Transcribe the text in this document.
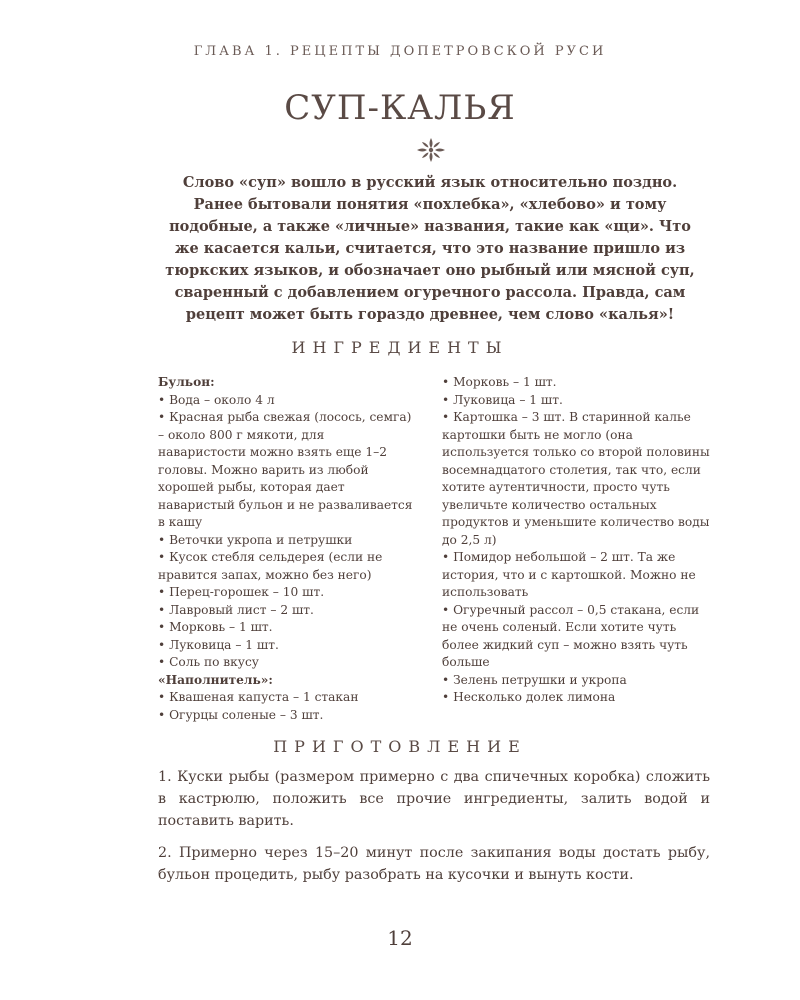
ГЛАВА 1. РЕЦЕПТЫ ДОПЕТРОВСКОЙ РУСИ
СУП-КАЛЬЯ
Слово «суп» вошло в русский язык относительно поздно. Ранее бытовали понятия «похлебка», «хлебово» и тому подобные, а также «личные» названия, такие как «щи». Что же касается кальи, считается, что это название пришло из тюркских языков, и обозначает оно рыбный или мясной суп, сваренный с добавлением огуречного рассола. Правда, сам рецепт может быть гораздо древнее, чем слово «калья»!
ИНГРЕДИЕНТЫ

Бульон:

• Вода – около 4 л

• Красная рыба свежая (лосось, семга) – около 800 г мякоти, для наваристости можно взять еще 1–2 головы. Можно варить из любой хорошей рыбы, которая дает наваристый бульон и не разваливается в кашу

• Веточки укропа и петрушки

• Кусок стебля сельдерея (если не нравится запах, можно без него)

• Перец-горошек – 10 шт.

• Лавровый лист – 2 шт.

• Морковь – 1 шт.

• Луковица – 1 шт.

• Соль по вкусу

«Наполнитель»:

• Квашеная капуста – 1 стакан

• Огурцы соленые – 3 шт.

• Морковь – 1 шт.

• Луковица – 1 шт.

• Картошка – 3 шт. В старинной калье картошки быть не могло (она используется только со второй половины восемнадцатого столетия, так что, если хотите аутентичности, просто чуть увеличьте количество остальных продуктов и уменьшите количество воды до 2,5 л)

• Помидор небольшой – 2 шт. Та же история, что и с картошкой. Можно не использовать

• Огуречный рассол – 0,5 стакана, если не очень соленый. Если хотите чуть более жидкий суп – можно взять чуть больше

• Зелень петрушки и укропа

• Несколько долек лимона

ПРИГОТОВЛЕНИЕ

1. Куски рыбы (размером примерно с два спичечных коробка) сложить в кастрюлю, положить все прочие ингредиенты, залить водой и поставить варить.

2. Примерно через 15–20 минут после закипания воды достать рыбу, бульон процедить, рыбу разобрать на кусочки и вынуть кости.

12
